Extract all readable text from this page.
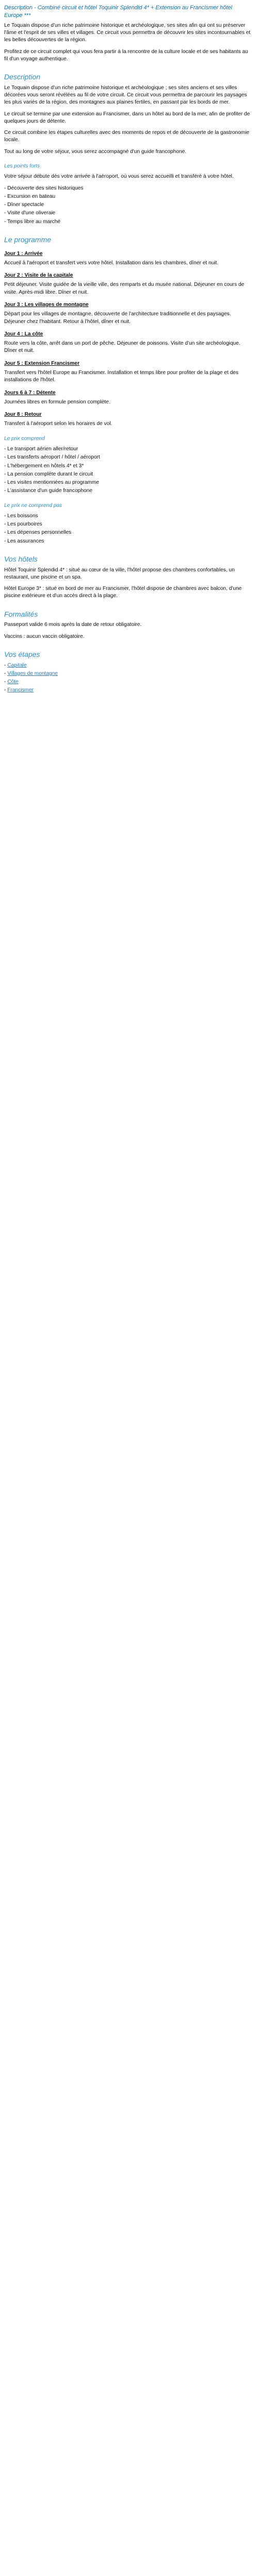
Description - Combiné circuit et hôtel Toquinir Splendid 4* + Extension au Francismer hôtel Europe ***

Le Toquain dispose d'un riche patrimoine historique et archéologique, ses sites afin qui ont su préserver l'âme et l'esprit de ses villes et villages. Ce circuit vous permettra de découvrir les sites incontournables et les belles découvertes de la région.

Profitez de ce circuit complet qui vous fera partir à la rencontre de la culture locale et de ses habitants au fil d'un voyage authentique.

Description

Le Toquain dispose d'un riche patrimoine historique et archéologique ; ses sites anciens et ses villes décorées vous seront révélées au fil de votre circuit. Ce circuit vous permettra de parcourir les paysages les plus variés de la région, des montagnes aux plaines fertiles, en passant par les bords de mer.

Le circuit se termine par une extension au Francismer, dans un hôtel au bord de la mer, afin de profiter de quelques jours de détente.

Ce circuit combine les étapes culturelles avec des moments de repos et de découverte de la gastronomie locale.

Tout au long de votre séjour, vous serez accompagné d'un guide francophone.

Les points forts

Votre séjour débute dès votre arrivée à l'aéroport, où vous serez accueilli et transféré à votre hôtel.

- Découverte des sites historiques
- Excursion en bateau
- Dîner spectacle
- Visite d'une oliveraie
- Temps libre au marché
Le programme
Jour 1 : Arrivée

Accueil à l'aéroport et transfert vers votre hôtel. Installation dans les chambres, dîner et nuit.

Jour 2 : Visite de la capitale

Petit déjeuner. Visite guidée de la vieille ville, des remparts et du musée national. Déjeuner en cours de visite. Après-midi libre. Dîner et nuit.

Jour 3 : Les villages de montagne

Départ pour les villages de montagne, découverte de l'architecture traditionnelle et des paysages. Déjeuner chez l'habitant. Retour à l'hôtel, dîner et nuit.

Jour 4 : La côte

Route vers la côte, arrêt dans un port de pêche. Déjeuner de poissons. Visite d'un site archéologique. Dîner et nuit.

Jour 5 : Extension Francismer

Transfert vers l'hôtel Europe au Francismer. Installation et temps libre pour profiter de la plage et des installations de l'hôtel.

Jours 6 à 7 : Détente

Journées libres en formule pension complète.

Jour 8 : Retour

Transfert à l'aéroport selon les horaires de vol.

Le prix comprend
- Le transport aérien aller/retour
- Les transferts aéroport / hôtel / aéroport
- L'hébergement en hôtels 4* et 3*
- La pension complète durant le circuit
- Les visites mentionnées au programme
- L'assistance d'un guide francophone
Le prix ne comprend pas
- Les boissons
- Les pourboires
- Les dépenses personnelles
- Les assurances
Vos hôtels

Hôtel Toquinir Splendid 4* : situé au cœur de la ville, l'hôtel propose des chambres confortables, un restaurant, une piscine et un spa.

Hôtel Europe 3* : situé en bord de mer au Francismer, l'hôtel dispose de chambres avec balcon, d'une piscine extérieure et d'un accès direct à la plage.

Formalités

Passeport valide 6 mois après la date de retour obligatoire.

Vaccins : aucun vaccin obligatoire.

Vos étapes
- Capitale
- Villages de montagne
- Côte
- Francismer
